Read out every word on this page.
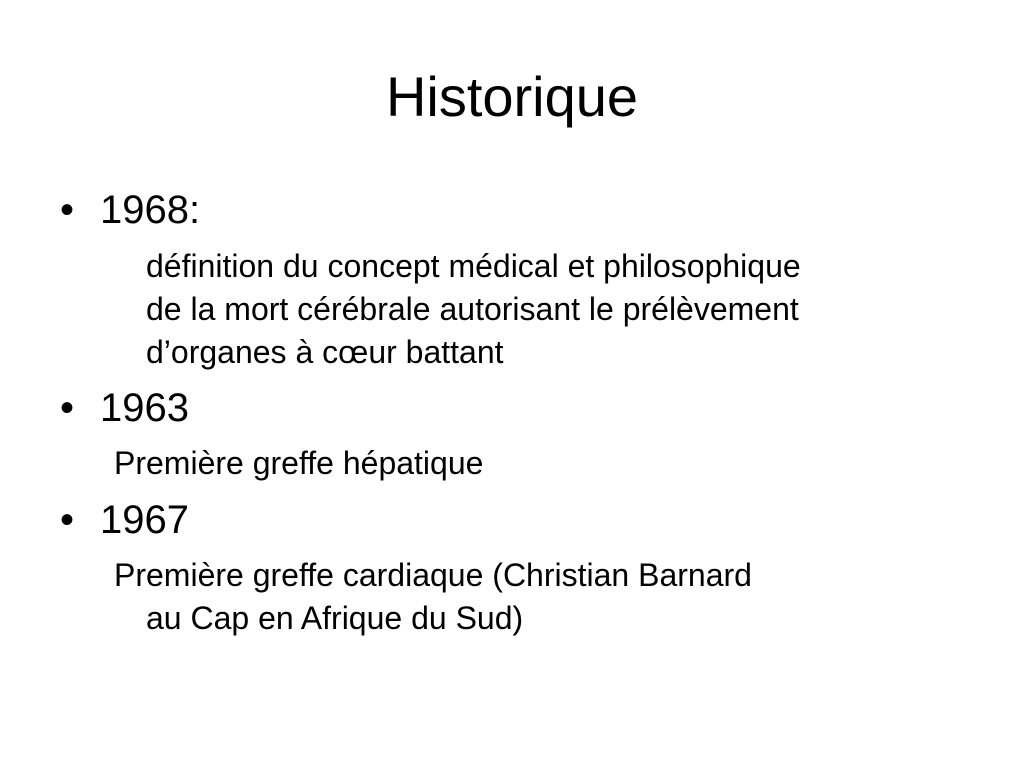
Historique
• 1968:
définition du concept médical et philosophique
de la mort cérébrale autorisant le prélèvement
d’organes à cœur battant
• 1963
Première greffe hépatique
• 1967
Première greffe cardiaque (Christian Barnard
au Cap en Afrique du Sud)
